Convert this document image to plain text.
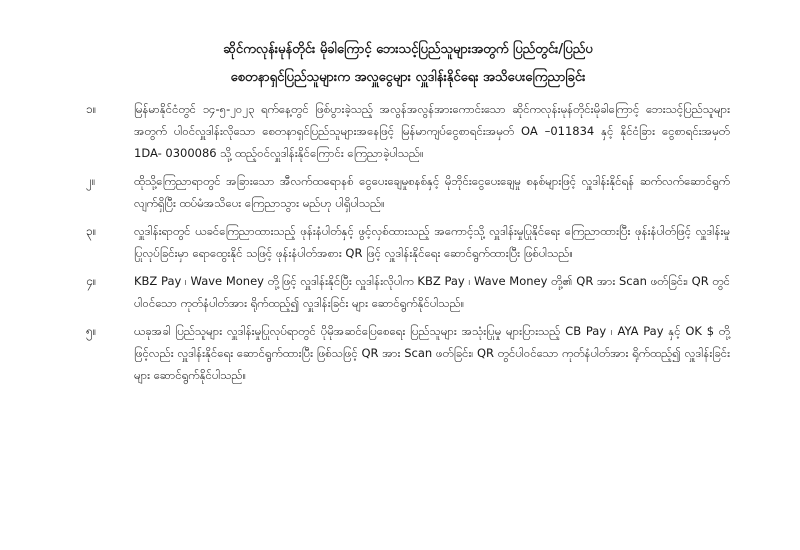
ဆိုင်ကလုန်းမုန်တိုင်း မိုခါကြောင့် ဘေးသင့်ပြည်သူများအတွက် ပြည်တွင်း/ပြည်ပ
စေတနာရှင်ပြည်သူများက အလှူငွေများ လှူဒါန်းနိုင်ရေး အသိပေးကြေညာခြင်း
၁။	မြန်မာနိုင်ငံတွင် ၁၄-၅-၂၀၂၃ ရက်နေ့တွင် ဖြစ်ပွားခဲ့သည့် အလွန်အလွန်အားကောင်းသော ဆိုင်ကလုန်းမုန်တိုင်းမိုခါကြောင့် ဘေးသင့်ပြည်သူများအတွက် ပါဝင်လှူဒါန်းလိုသော စေတနာရှင်ပြည်သူများအနေဖြင့် မြန်မာကျပ်ငွေစာရင်းအမှတ် OA –011834 နှင့် နိုင်ငံခြား ငွေစာရင်းအမှတ် 1DA- 0300086 သို့ ထည့်ဝင်လှူဒါန်းနိုင်ကြောင်း ကြေညာခဲ့ပါသည်။
၂။	ထိုသို့ကြေညာရာတွင် အခြားသော အီလက်ထရောနစ် ငွေပေးချေမှုစနစ်နှင့် မိုဘိုင်းငွေပေးချေမှု စနစ်များဖြင့် လှူဒါန်းနိုင်ရန် ဆက်လက်ဆောင်ရွက်လျက်ရှိပြီး ထပ်မံအသိပေး ကြေညာသွား မည်ဟု ပါရှိပါသည်။
၃။	လှူဒါန်းရာတွင် ယခင်ကြေညာထားသည့် ဖုန်းနံပါတ်နှင့် ဖွင့်လှစ်ထားသည့် အကောင့်သို့ လှူဒါန်းမှုပြုနိုင်ရေး ကြေညာထားပြီး ဖုန်းနံပါတ်ဖြင့် လှူဒါန်းမှုပြုလုပ်ခြင်းမှာ ရောထွေးနိုင် သဖြင့် ဖုန်းနံပါတ်အစား QR ဖြင့် လှူဒါန်းနိုင်ရေး ဆောင်ရွက်ထားပြီး ဖြစ်ပါသည်။
၄။	KBZ Pay ၊ Wave Money တို့ဖြင့် လှူဒါန်းနိုင်ပြီး လှူဒါန်းလိုပါက KBZ Pay ၊ Wave Money တို့၏ QR အား Scan ဖတ်ခြင်း၊ QR တွင်ပါဝင်သော ကုတ်နံပါတ်အား ရိုက်ထည့်၍ လှူဒါန်းခြင်း များ ဆောင်ရွက်နိုင်ပါသည်။
၅။	ယခုအခါ ပြည်သူများ လှူဒါန်းမှုပြုလုပ်ရာတွင် ပိုမိုအဆင်ပြေစေရေး ပြည်သူများ အသုံးပြုမှု များပြားသည့် CB Pay ၊ AYA Pay နှင့် OK $ တို့ဖြင့်လည်း လှူဒါန်းနိုင်ရေး ဆောင်ရွက်ထားပြီး ဖြစ်သဖြင့် QR အား Scan ဖတ်ခြင်း၊ QR တွင်ပါဝင်သော ကုတ်နံပါတ်အား ရိုက်ထည့်၍ လှူဒါန်းခြင်းများ ဆောင်ရွက်နိုင်ပါသည်။
